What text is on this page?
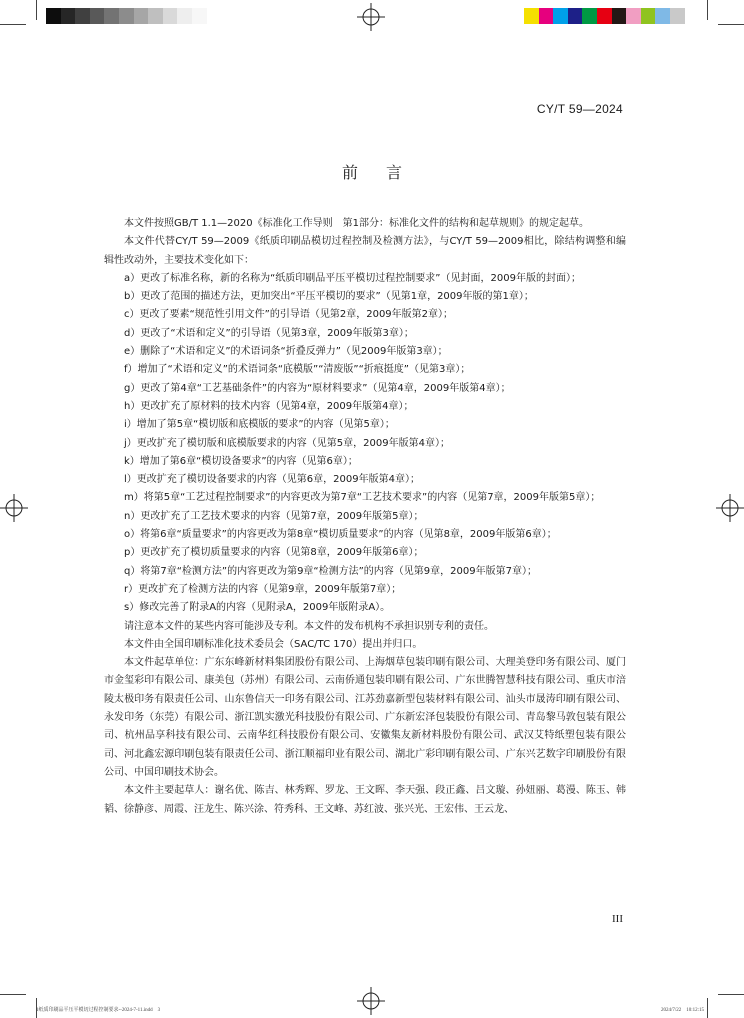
CY/T 59—2024
前言

本文件按照GB/T 1.1—2020《标准化工作导则　第1部分：标准化文件的结构和起草规则》的规定起草。

本文件代替CY/T 59—2009《纸质印刷品模切过程控制及检测方法》，与CY/T 59—2009相比，除结构调整和编辑性改动外，主要技术变化如下：

a）更改了标准名称，新的名称为“纸质印刷品平压平模切过程控制要求”（见封面，2009年版的封面）；

b）更改了范围的描述方法，更加突出“平压平模切的要求”（见第1章，2009年版的第1章）；

c）更改了要素“规范性引用文件”的引导语（见第2章，2009年版第2章）；

d）更改了“术语和定义”的引导语（见第3章，2009年版第3章）；

e）删除了“术语和定义”的术语词条“折叠反弹力”（见2009年版第3章）；

f）增加了“术语和定义”的术语词条“底模版”“清废版”“折痕挺度”（见第3章）；

g）更改了第4章“工艺基础条件”的内容为“原材料要求”（见第4章，2009年版第4章）；

h）更改扩充了原材料的技术内容（见第4章，2009年版第4章）；

i）增加了第5章“模切版和底模版的要求”的内容（见第5章）；

j）更改扩充了模切版和底模版要求的内容（见第5章，2009年版第4章）；

k）增加了第6章“模切设备要求”的内容（见第6章）；

l）更改扩充了模切设备要求的内容（见第6章，2009年版第4章）；

m）将第5章“工艺过程控制要求”的内容更改为第7章“工艺技术要求”的内容（见第7章，2009年版第5章）；

n）更改扩充了工艺技术要求的内容（见第7章，2009年版第5章）；

o）将第6章“质量要求”的内容更改为第8章“模切质量要求”的内容（见第8章，2009年版第6章）；

p）更改扩充了模切质量要求的内容（见第8章，2009年版第6章）；

q）将第7章“检测方法”的内容更改为第9章“检测方法”的内容（见第9章，2009年版第7章）；

r）更改扩充了检测方法的内容（见第9章，2009年版第7章）；

s）修改完善了附录A的内容（见附录A，2009年版附录A）。

请注意本文件的某些内容可能涉及专利。本文件的发布机构不承担识别专利的责任。

本文件由全国印刷标准化技术委员会（SAC/TC 170）提出并归口。

本文件起草单位：广东东峰新材料集团股份有限公司、上海烟草包装印刷有限公司、大理美登印务有限公司、厦门市金玺彩印有限公司、康美包（苏州）有限公司、云南侨通包装印刷有限公司、广东世腾智慧科技有限公司、重庆市涪陵太极印务有限责任公司、山东鲁信天一印务有限公司、江苏劲嘉新型包装材料有限公司、汕头市晟涛印刷有限公司、永发印务（东莞）有限公司、浙江凯实激光科技股份有限公司、广东新宏泽包装股份有限公司、青岛黎马敦包装有限公司、杭州品享科技有限公司、云南华红科技股份有限公司、安徽集友新材料股份有限公司、武汉艾特纸塑包装有限公司、河北鑫宏源印刷包装有限责任公司、浙江顺福印业有限公司、湖北广彩印刷有限公司、广东兴艺数字印刷股份有限公司、中国印刷技术协会。

本文件主要起草人：谢名优、陈吉、林秀辉、罗龙、王文晖、李天强、段正鑫、吕文璇、孙妞丽、葛漫、陈玉、韩韬、徐静彦、周霞、汪龙生、陈兴涂、符秀科、王文峰、苏红波、张兴光、王宏伟、王云龙、

III
1纸质印刷品平压平模切过程控制要求--2024-7-11.indd　3	2024/7/22　10:12:15
